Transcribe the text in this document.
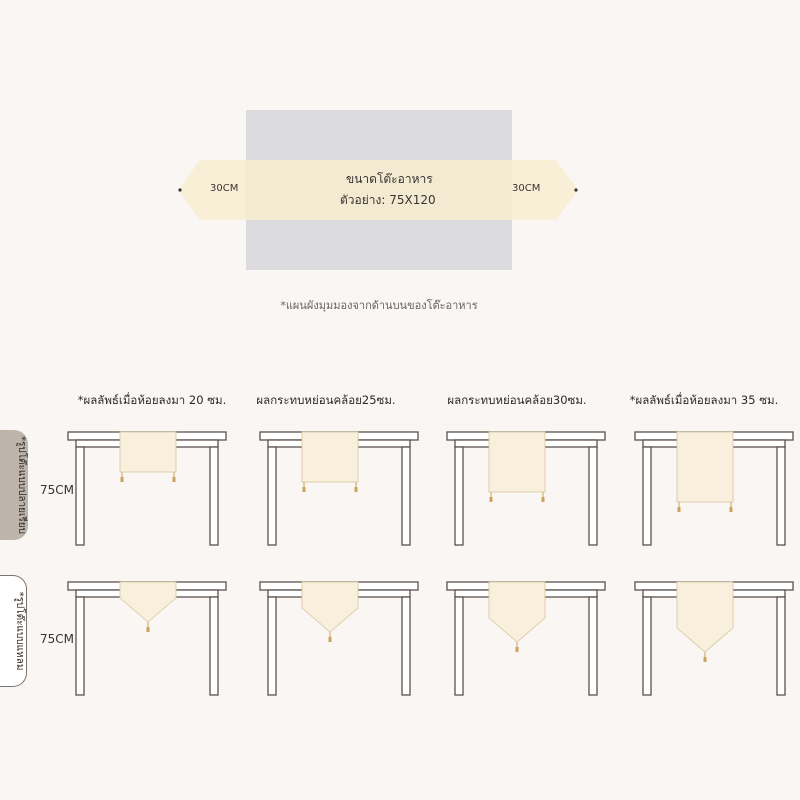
ขนาดโต๊ะอาหาร
ตัวอย่าง: 75X120
30CM	30CM
*แผนผังมุมมองจากด้านบนของโต๊ะอาหาร
*ผลลัพธ์เมื่อห้อยลงมา 20 ซม.	ผลกระทบหย่อนคล้อย25ซม.	ผลกระทบหย่อนคล้อย30ซม.	*ผลลัพธ์เมื่อห้อยลงมา 35 ซม.
*รูปโต๊ะแบบปลายเรียบ
*รูปโต๊ะแบบแหลม
75CM
75CM
